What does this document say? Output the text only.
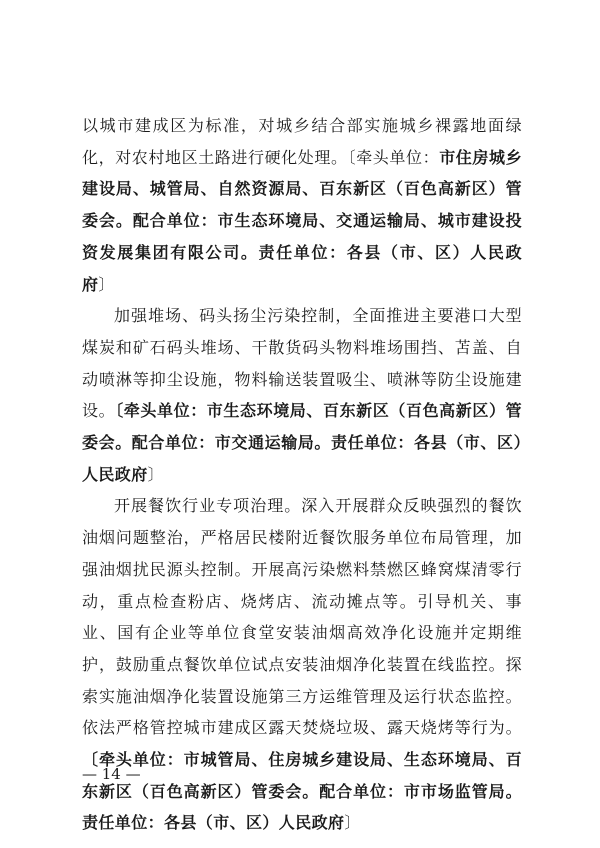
以城市建成区为标准，对城乡结合部实施城乡裸露地面绿化，对农村地区土路进行硬化处理。〔牵头单位：市住房城乡建设局、城管局、自然资源局、百东新区（百色高新区）管委会。配合单位：市生态环境局、交通运输局、城市建设投资发展集团有限公司。责任单位：各县（市、区）人民政府〕

加强堆场、码头扬尘污染控制，全面推进主要港口大型煤炭和矿石码头堆场、干散货码头物料堆场围挡、苫盖、自动喷淋等抑尘设施，物料输送装置吸尘、喷淋等防尘设施建设。〔牵头单位：市生态环境局、百东新区（百色高新区）管委会。配合单位：市交通运输局。责任单位：各县（市、区）人民政府〕

开展餐饮行业专项治理。深入开展群众反映强烈的餐饮油烟问题整治，严格居民楼附近餐饮服务单位布局管理，加强油烟扰民源头控制。开展高污染燃料禁燃区蜂窝煤清零行动，重点检查粉店、烧烤店、流动摊点等。引导机关、事业、国有企业等单位食堂安装油烟高效净化设施并定期维护，鼓励重点餐饮单位试点安装油烟净化装置在线监控。探索实施油烟净化装置设施第三方运维管理及运行状态监控。依法严格管控城市建成区露天焚烧垃圾、露天烧烤等行为。〔牵头单位：市城管局、住房城乡建设局、生态环境局、百东新区（百色高新区）管委会。配合单位：市市场监管局。责任单位：各县（市、区）人民政府〕

— 14 —
